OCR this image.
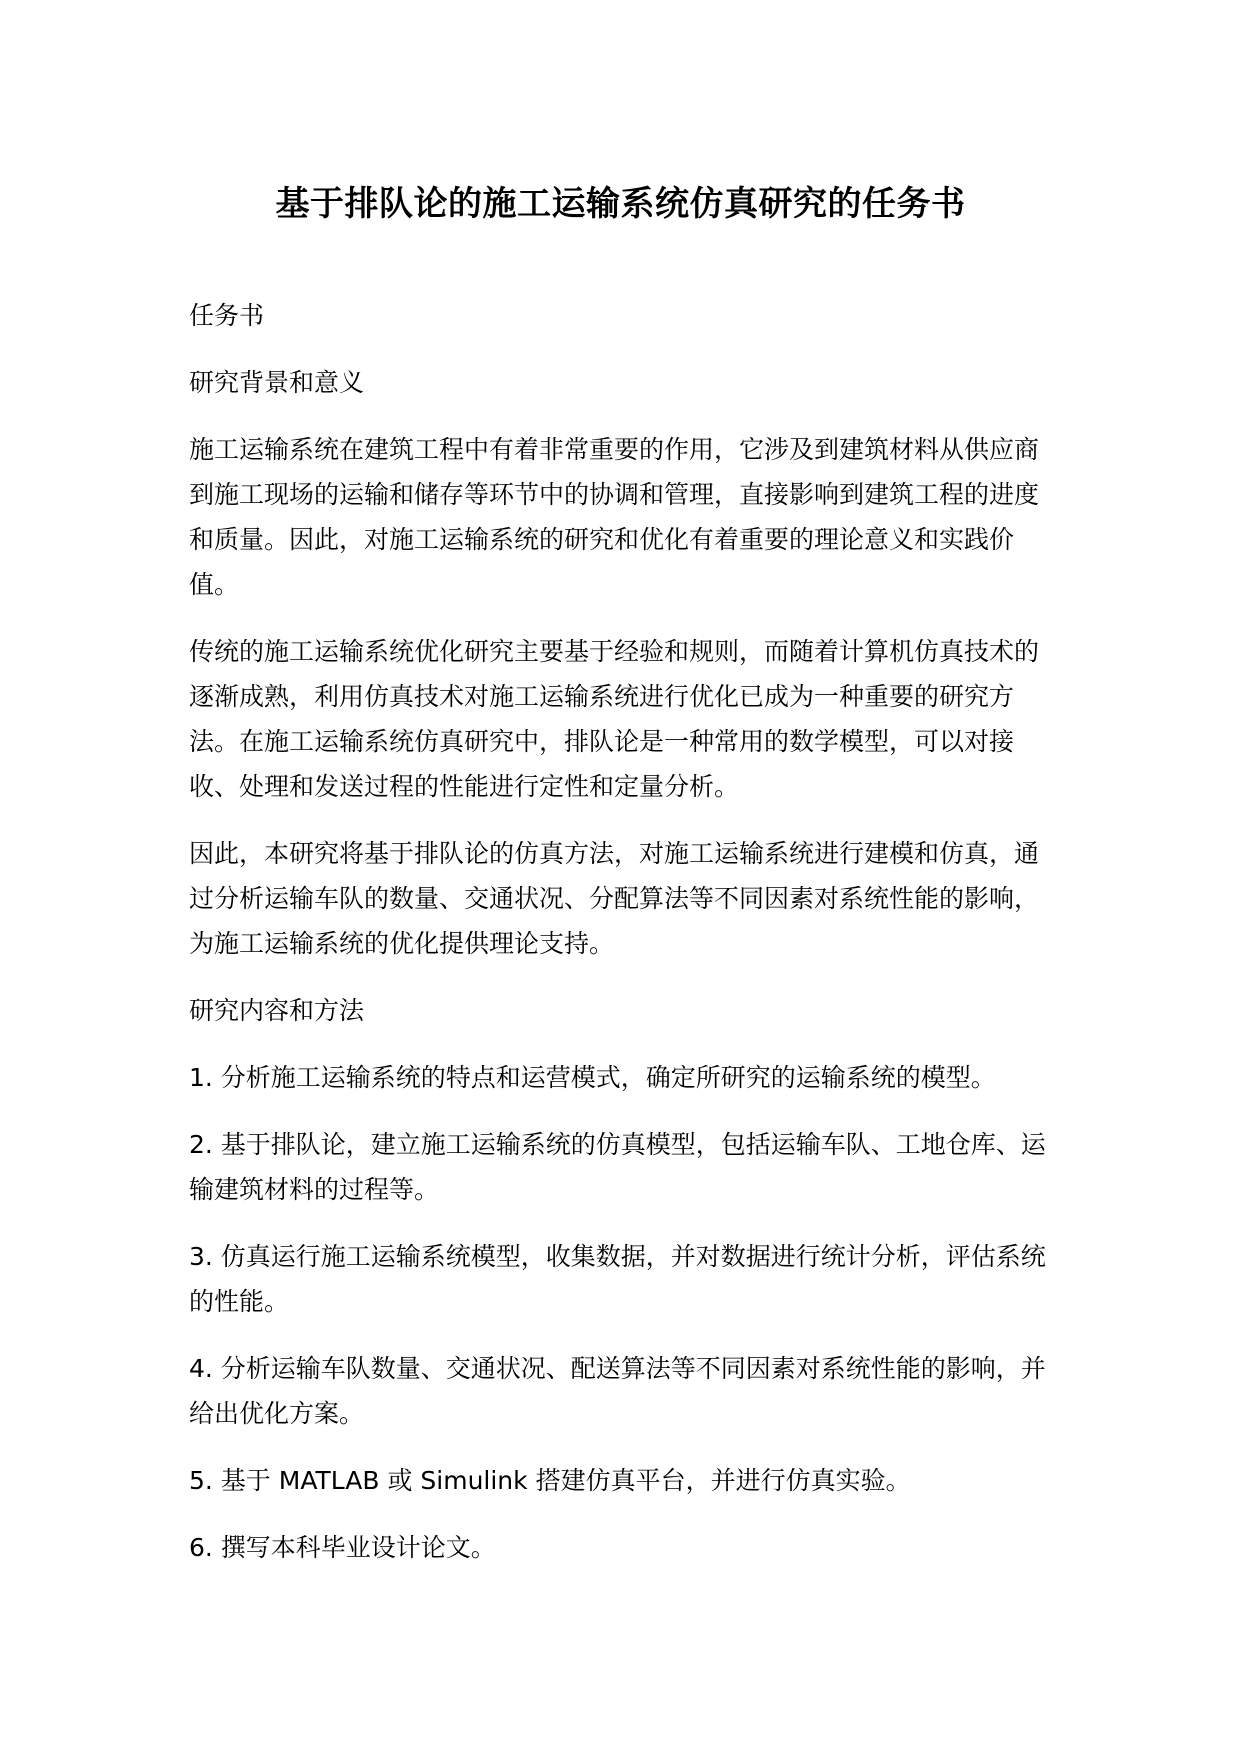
基于排队论的施工运输系统仿真研究的任务书

任务书

研究背景和意义

施工运输系统在建筑工程中有着非常重要的作用，它涉及到建筑材料从供应商到施工现场的运输和储存等环节中的协调和管理，直接影响到建筑工程的进度和质量。因此，对施工运输系统的研究和优化有着重要的理论意义和实践价值。

传统的施工运输系统优化研究主要基于经验和规则，而随着计算机仿真技术的逐渐成熟，利用仿真技术对施工运输系统进行优化已成为一种重要的研究方法。在施工运输系统仿真研究中，排队论是一种常用的数学模型，可以对接收、处理和发送过程的性能进行定性和定量分析。

因此，本研究将基于排队论的仿真方法，对施工运输系统进行建模和仿真，通过分析运输车队的数量、交通状况、分配算法等不同因素对系统性能的影响，为施工运输系统的优化提供理论支持。

研究内容和方法

1. 分析施工运输系统的特点和运营模式，确定所研究的运输系统的模型。

2. 基于排队论，建立施工运输系统的仿真模型，包括运输车队、工地仓库、运输建筑材料的过程等。

3. 仿真运行施工运输系统模型，收集数据，并对数据进行统计分析，评估系统的性能。

4. 分析运输车队数量、交通状况、配送算法等不同因素对系统性能的影响，并给出优化方案。

5. 基于 MATLAB 或 Simulink 搭建仿真平台，并进行仿真实验。

6. 撰写本科毕业设计论文。
